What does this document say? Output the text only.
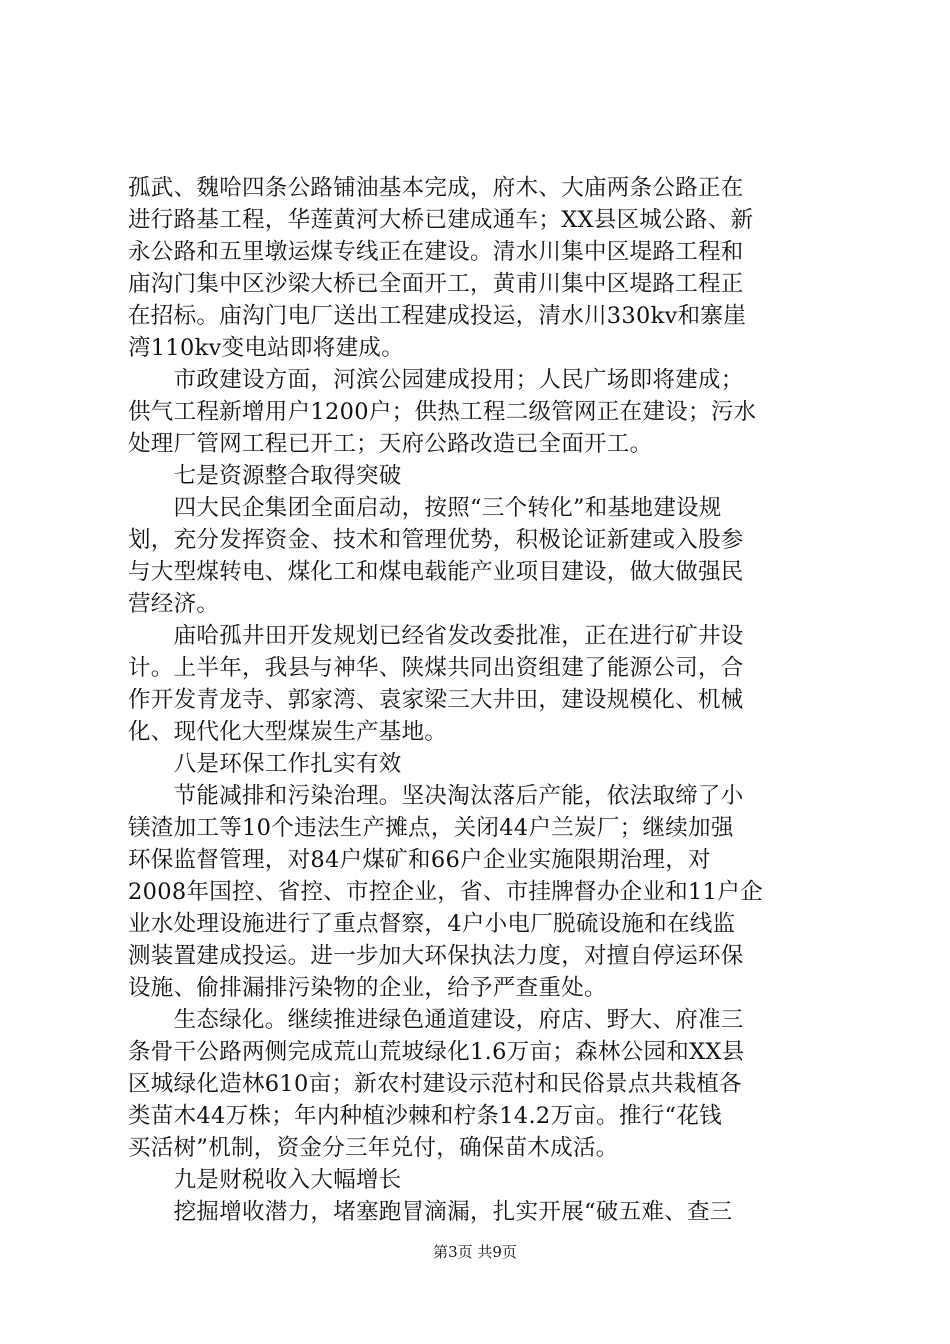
孤武、魏哈四条公路铺油基本完成，府木、大庙两条公路正在
进行路基工程，华莲黄河大桥已建成通车；XX县区城公路、新
永公路和五里墩运煤专线正在建设。清水川集中区堤路工程和
庙沟门集中区沙梁大桥已全面开工，黄甫川集中区堤路工程正
在招标。庙沟门电厂送出工程建成投运，清水川330kv和寨崖
湾110kv变电站即将建成。
　　市政建设方面，河滨公园建成投用；人民广场即将建成；
供气工程新增用户1200户；供热工程二级管网正在建设；污水
处理厂管网工程已开工；天府公路改造已全面开工。
　　七是资源整合取得突破
　　四大民企集团全面启动，按照“三个转化”和基地建设规
划，充分发挥资金、技术和管理优势，积极论证新建或入股参
与大型煤转电、煤化工和煤电载能产业项目建设，做大做强民
营经济。
　　庙哈孤井田开发规划已经省发改委批准，正在进行矿井设
计。上半年，我县与神华、陕煤共同出资组建了能源公司，合
作开发青龙寺、郭家湾、袁家梁三大井田，建设规模化、机械
化、现代化大型煤炭生产基地。
　　八是环保工作扎实有效
　　节能减排和污染治理。坚决淘汰落后产能，依法取缔了小
镁渣加工等10个违法生产摊点，关闭44户兰炭厂；继续加强
环保监督管理，对84户煤矿和66户企业实施限期治理，对
2008年国控、省控、市控企业，省、市挂牌督办企业和11户企
业水处理设施进行了重点督察，4户小电厂脱硫设施和在线监
测装置建成投运。进一步加大环保执法力度，对擅自停运环保
设施、偷排漏排污染物的企业，给予严查重处。
　　生态绿化。继续推进绿色通道建设，府店、野大、府准三
条骨干公路两侧完成荒山荒坡绿化1.6万亩；森林公园和XX县
区城绿化造林610亩；新农村建设示范村和民俗景点共栽植各
类苗木44万株；年内种植沙棘和柠条14.2万亩。推行“花钱
买活树”机制，资金分三年兑付，确保苗木成活。
　　九是财税收入大幅增长
　　挖掘增收潜力，堵塞跑冒滴漏，扎实开展“破五难、查三
第3页 共9页
